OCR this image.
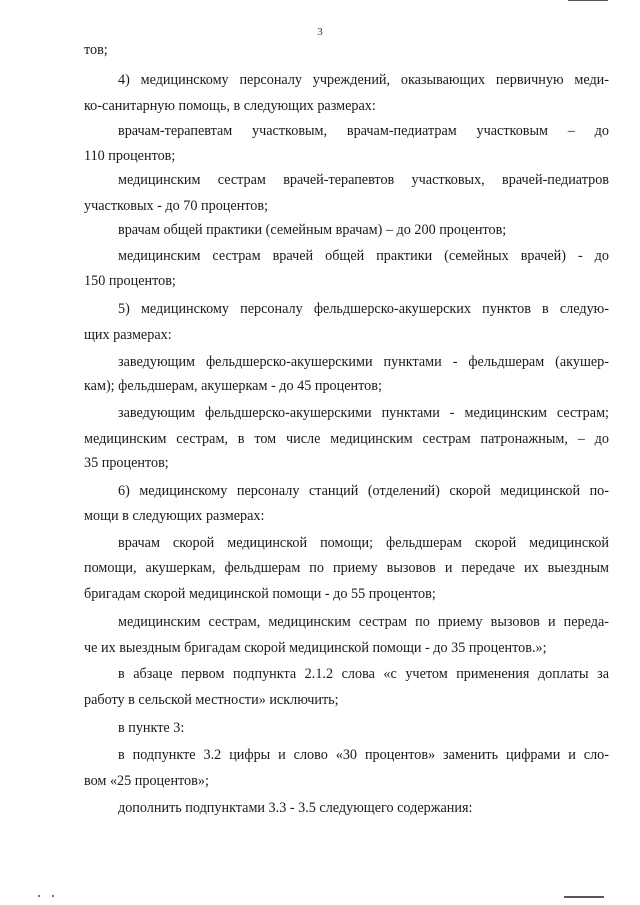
3
тов;
4) медицинскому персоналу учреждений, оказывающих первичную меди-
ко-санитарную помощь, в следующих размерах:
врачам-терапевтам участковым, врачам-педиатрам участковым – до
110 процентов;
медицинским сестрам врачей-терапевтов участковых, врачей-педиатров
участковых - до 70 процентов;
врачам общей практики (семейным врачам) – до 200 процентов;
медицинским сестрам врачей общей практики (семейных врачей) - до
150 процентов;
5) медицинскому персоналу фельдшерско-акушерских пунктов в следую-
щих размерах:
заведующим фельдшерско-акушерскими пунктами - фельдшерам (акушер-
кам); фельдшерам, акушеркам - до 45 процентов;
заведующим фельдшерско-акушерскими пунктами - медицинским сестрам;
медицинским сестрам, в том числе медицинским сестрам патронажным, – до
35 процентов;
6) медицинскому персоналу станций (отделений) скорой медицинской по-
мощи в следующих размерах:
врачам скорой медицинской помощи; фельдшерам скорой медицинской
помощи, акушеркам, фельдшерам по приему вызовов и передаче их выездным
бригадам скорой медицинской помощи - до 55 процентов;
медицинским сестрам, медицинским сестрам по приему вызовов и переда-
че их выездным бригадам скорой медицинской помощи - до 35 процентов.»;
в абзаце первом подпункта 2.1.2 слова «с учетом применения доплаты за
работу в сельской местности» исключить;
в пункте 3:
в подпункте 3.2 цифры и слово «30 процентов» заменить цифрами и сло-
вом «25 процентов»;
дополнить подпунктами 3.3 - 3.5 следующего содержания:
